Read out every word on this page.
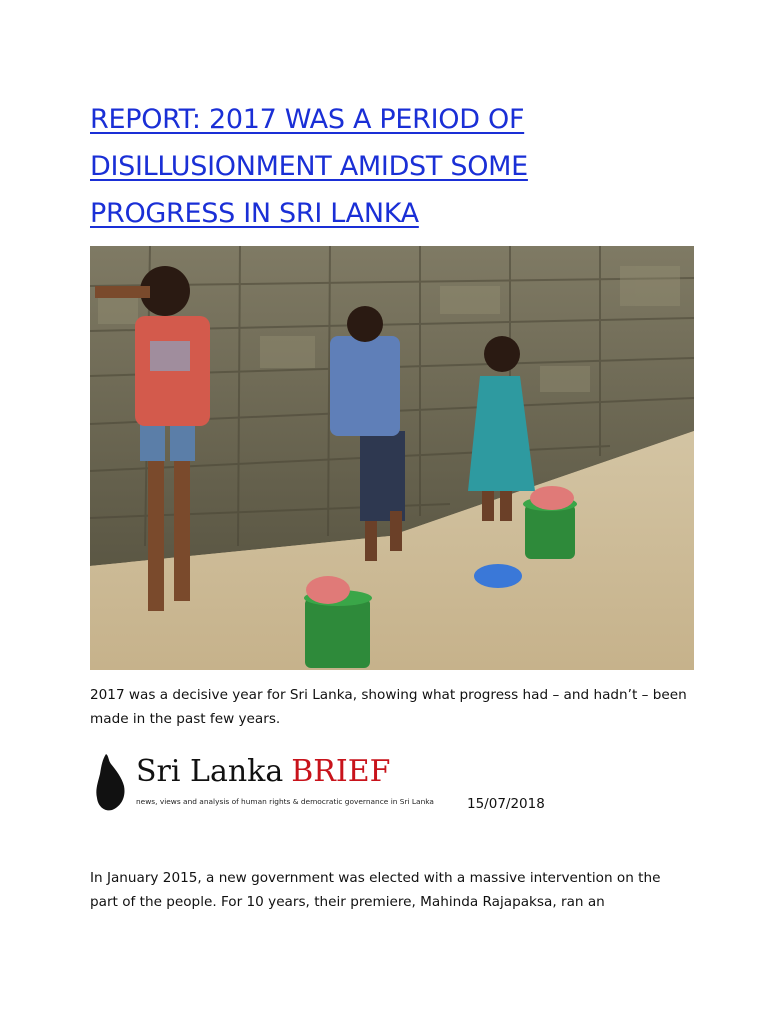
REPORT: 2017 WAS A PERIOD OF
DISILLUSIONMENT AMIDST SOME
PROGRESS IN SRI LANKA

2017 was a decisive year for Sri Lanka, showing what progress had – and hadn’t – been made in the past few years.

Sri Lanka BRIEF
news, views and analysis of human rights & democratic governance in Sri Lanka 15/07/2018

In January 2015, a new government was elected with a massive intervention on the part of the people. For 10 years, their premiere, Mahinda Rajapaksa, ran an
